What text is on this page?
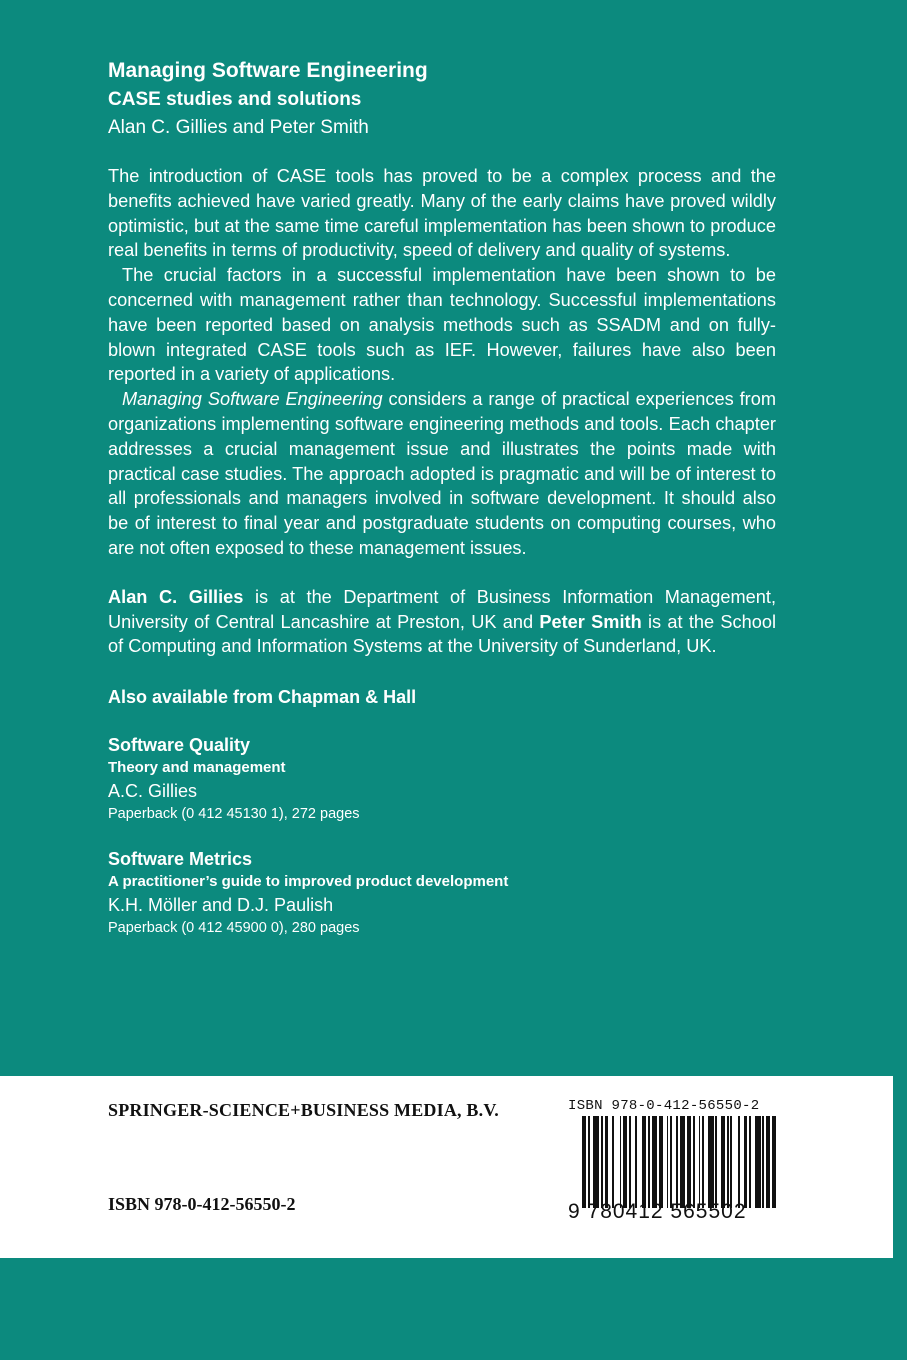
Managing Software Engineering
CASE studies and solutions
Alan C. Gillies and Peter Smith

The introduction of CASE tools has proved to be a complex process and the benefits achieved have varied greatly. Many of the early claims have proved wildly optimistic, but at the same time careful implementation has been shown to produce real benefits in terms of productivity, speed of delivery and quality of systems.

The crucial factors in a successful implementation have been shown to be concerned with management rather than technology. Successful implementations have been reported based on analysis methods such as SSADM and on fully-blown integrated CASE tools such as IEF. However, failures have also been reported in a variety of applications.

Managing Software Engineering considers a range of practical experiences from organizations implementing software engineering methods and tools. Each chapter addresses a crucial management issue and illustrates the points made with practical case studies. The approach adopted is pragmatic and will be of interest to all professionals and managers involved in software development. It should also be of interest to final year and postgraduate students on computing courses, who are not often exposed to these management issues.

Alan C. Gillies is at the Department of Business Information Management, University of Central Lancashire at Preston, UK and Peter Smith is at the School of Computing and Information Systems at the University of Sunderland, UK.
Also available from Chapman & Hall
Software Quality
Theory and management
A.C. Gillies
Paperback (0 412 45130 1), 272 pages
Software Metrics
A practitioner’s guide to improved product development
K.H. Möller and D.J. Paulish
Paperback (0 412 45900 0), 280 pages
SPRINGER-SCIENCE+BUSINESS MEDIA, B.V.
ISBN 978-0-412-56550-2
ISBN 978-0-412-56550-2
9 780412 565502
